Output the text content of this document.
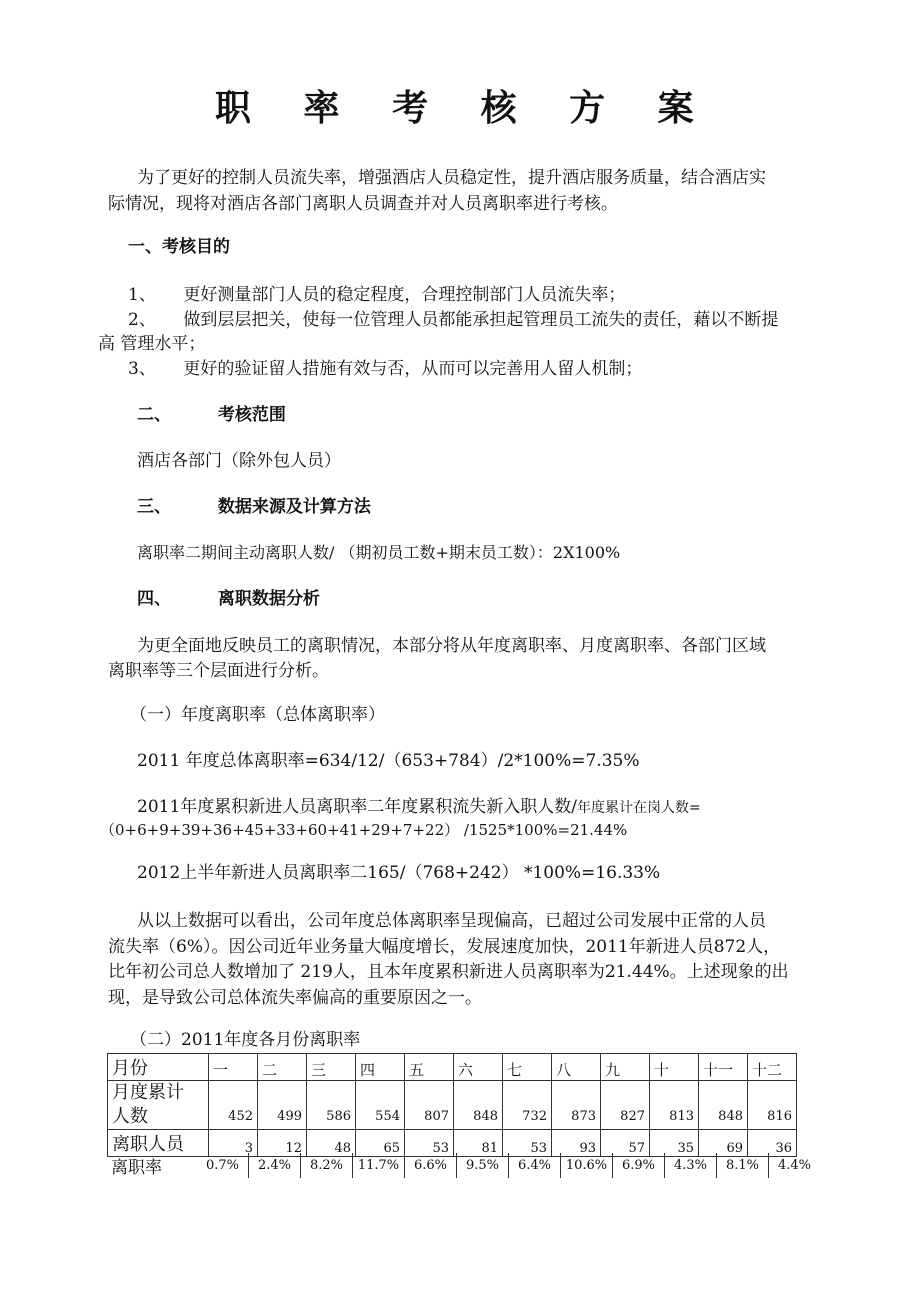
职 率 考 核 方 案
为了更好的控制人员流失率，增强酒店人员稳定性，提升酒店服务质量，结合酒店实
际情况，现将对酒店各部门离职人员调查并对人员离职率进行考核。
一、考核目的
1、 更好测量部门人员的稳定程度，合理控制部门人员流失率；
2、 做到层层把关，使每一位管理人员都能承担起管理员工流失的责任，藉以不断提
高 管理水平；
3、 更好的验证留人措施有效与否，从而可以完善用人留人机制；
二、	考核范围
酒店各部门（除外包人员）
三、	数据来源及计算方法
离职率二期间主动离职人数/ （期初员工数+期末员工数）：2X100%
四、	离职数据分析
为更全面地反映员工的离职情况，本部分将从年度离职率、月度离职率、各部门区域
离职率等三个层面进行分析。
（一）年度离职率（总体离职率）
2011 年度总体离职率=634/12/（653+784）/2*100%=7.35%
2011年度累积新进人员离职率二年度累积流失新入职人数/年度累计在岗人数=
（0+6+9+39+36+45+33+60+41+29+7+22） /1525*100%=21.44%
2012上半年新进人员离职率二165/（768+242） *100%=16.33%
从以上数据可以看出，公司年度总体离职率呈现偏高，已超过公司发展中正常的人员
流失率（6%）。因公司近年业务量大幅度增长，发展速度加快，2011年新进人员872人，
比年初公司总人数增加了 219人，且本年度累积新进人员离职率为21.44%。上述现象的出
现，是导致公司总体流失率偏高的重要原因之一。
（二）2011年度各月份离职率
月份	一	二	三	四	五	六	七	八	九	十	十一	十二
月度累计
人数	452	499	586	554	807	848	732	873	827	813	848	816
离职人员	3	12	48	65	53	81	53	93	57	35	69	36
离职率	0.7%	2.4%	8.2%	11.7%	6.6%	9.5%	6.4%	10.6%	6.9%	4.3%	8.1%	4.4%
